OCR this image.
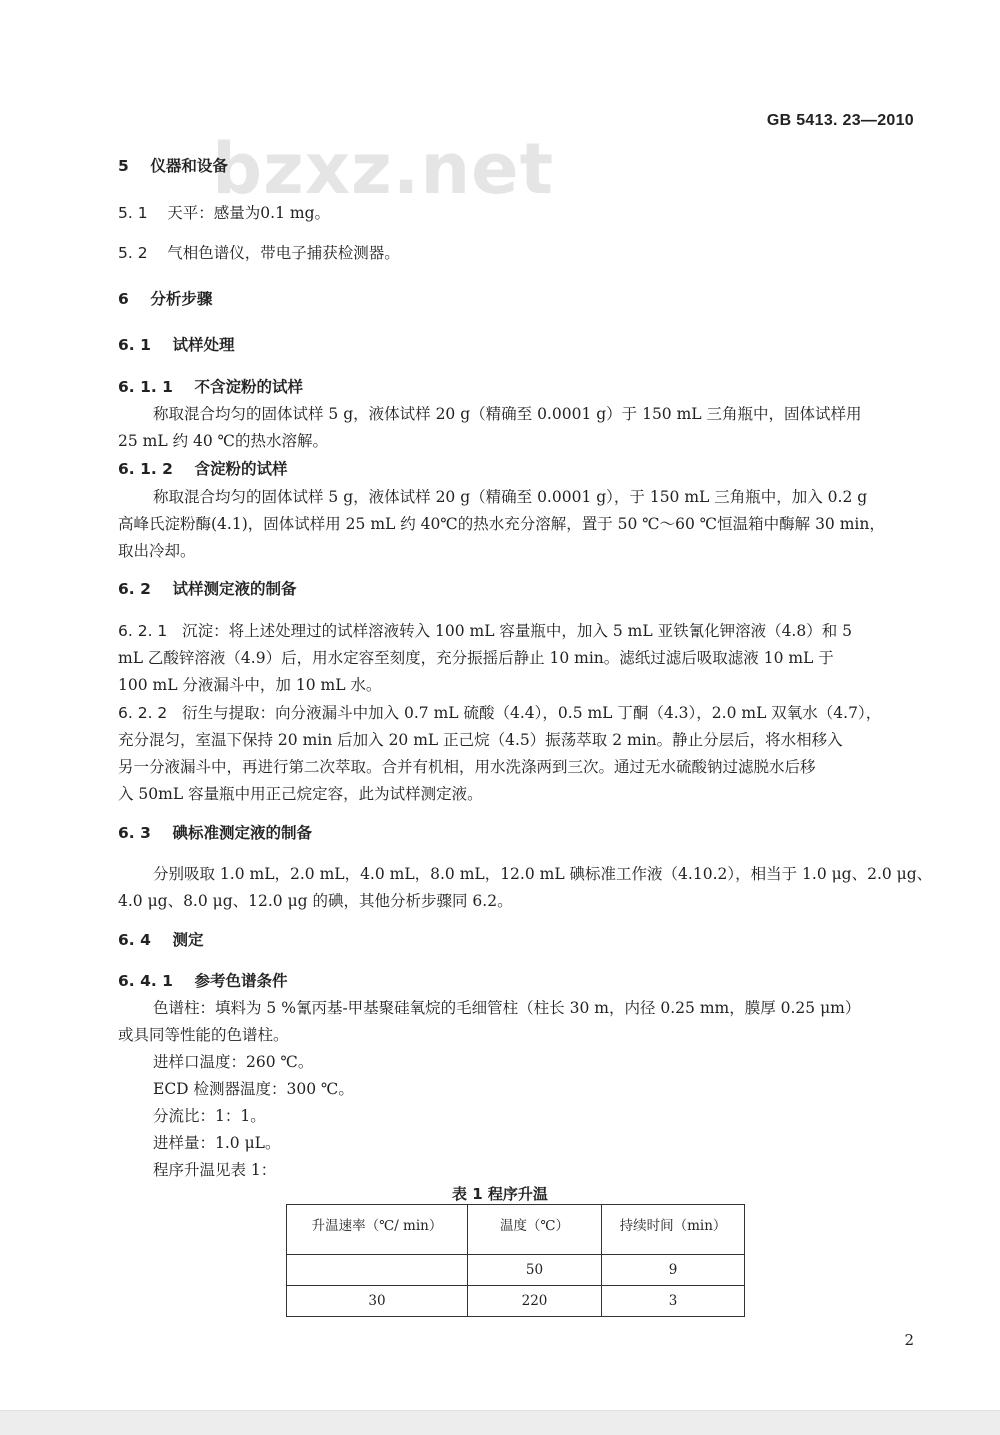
GB 5413. 23—2010
bzxz.net
5 仪器和设备
5. 1 天平：感量为0.1 mg。
5. 2 气相色谱仪，带电子捕获检测器。
6 分析步骤
6. 1 试样处理
6. 1. 1 不含淀粉的试样
称取混合均匀的固体试样 5 g，液体试样 20 g（精确至 0.0001 g）于 150 mL 三角瓶中，固体试样用
25 mL 约 40 ℃的热水溶解。
6. 1. 2 含淀粉的试样
称取混合均匀的固体试样 5 g，液体试样 20 g（精确至 0.0001 g），于 150 mL 三角瓶中，加入 0.2 g
高峰氏淀粉酶(4.1)，固体试样用 25 mL 约 40℃的热水充分溶解，置于 50 ℃～60 ℃恒温箱中酶解 30 min，
取出冷却。
6. 2 试样测定液的制备
6. 2. 1 沉淀：将上述处理过的试样溶液转入 100 mL 容量瓶中，加入 5 mL 亚铁氰化钾溶液（4.8）和 5
mL 乙酸锌溶液（4.9）后，用水定容至刻度，充分振摇后静止 10 min。滤纸过滤后吸取滤液 10 mL 于
100 mL 分液漏斗中，加 10 mL 水。
6. 2. 2 衍生与提取：向分液漏斗中加入 0.7 mL 硫酸（4.4），0.5 mL 丁酮（4.3），2.0 mL 双氧水（4.7），
充分混匀，室温下保持 20 min 后加入 20 mL 正己烷（4.5）振荡萃取 2 min。静止分层后，将水相移入
另一分液漏斗中，再进行第二次萃取。合并有机相，用水洗涤两到三次。通过无水硫酸钠过滤脱水后移
入 50mL 容量瓶中用正己烷定容，此为试样测定液。
6. 3 碘标准测定液的制备
分别吸取 1.0 mL，2.0 mL，4.0 mL，8.0 mL，12.0 mL 碘标准工作液（4.10.2），相当于 1.0 μg、2.0 μg、
4.0 μg、8.0 μg、12.0 μg 的碘，其他分析步骤同 6.2。
6. 4 测定
6. 4. 1 参考色谱条件
色谱柱：填料为 5 %氰丙基-甲基聚硅氧烷的毛细管柱（柱长 30 m，内径 0.25 mm，膜厚 0.25 μm）
或具同等性能的色谱柱。
进样口温度：260 ℃。
ECD 检测器温度：300 ℃。
分流比：1：1。
进样量：1.0 μL。
程序升温见表 1：
表 1 程序升温
升温速率（℃/ min）	温度（℃）	持续时间（min）
	50	9
30	220	3
2
